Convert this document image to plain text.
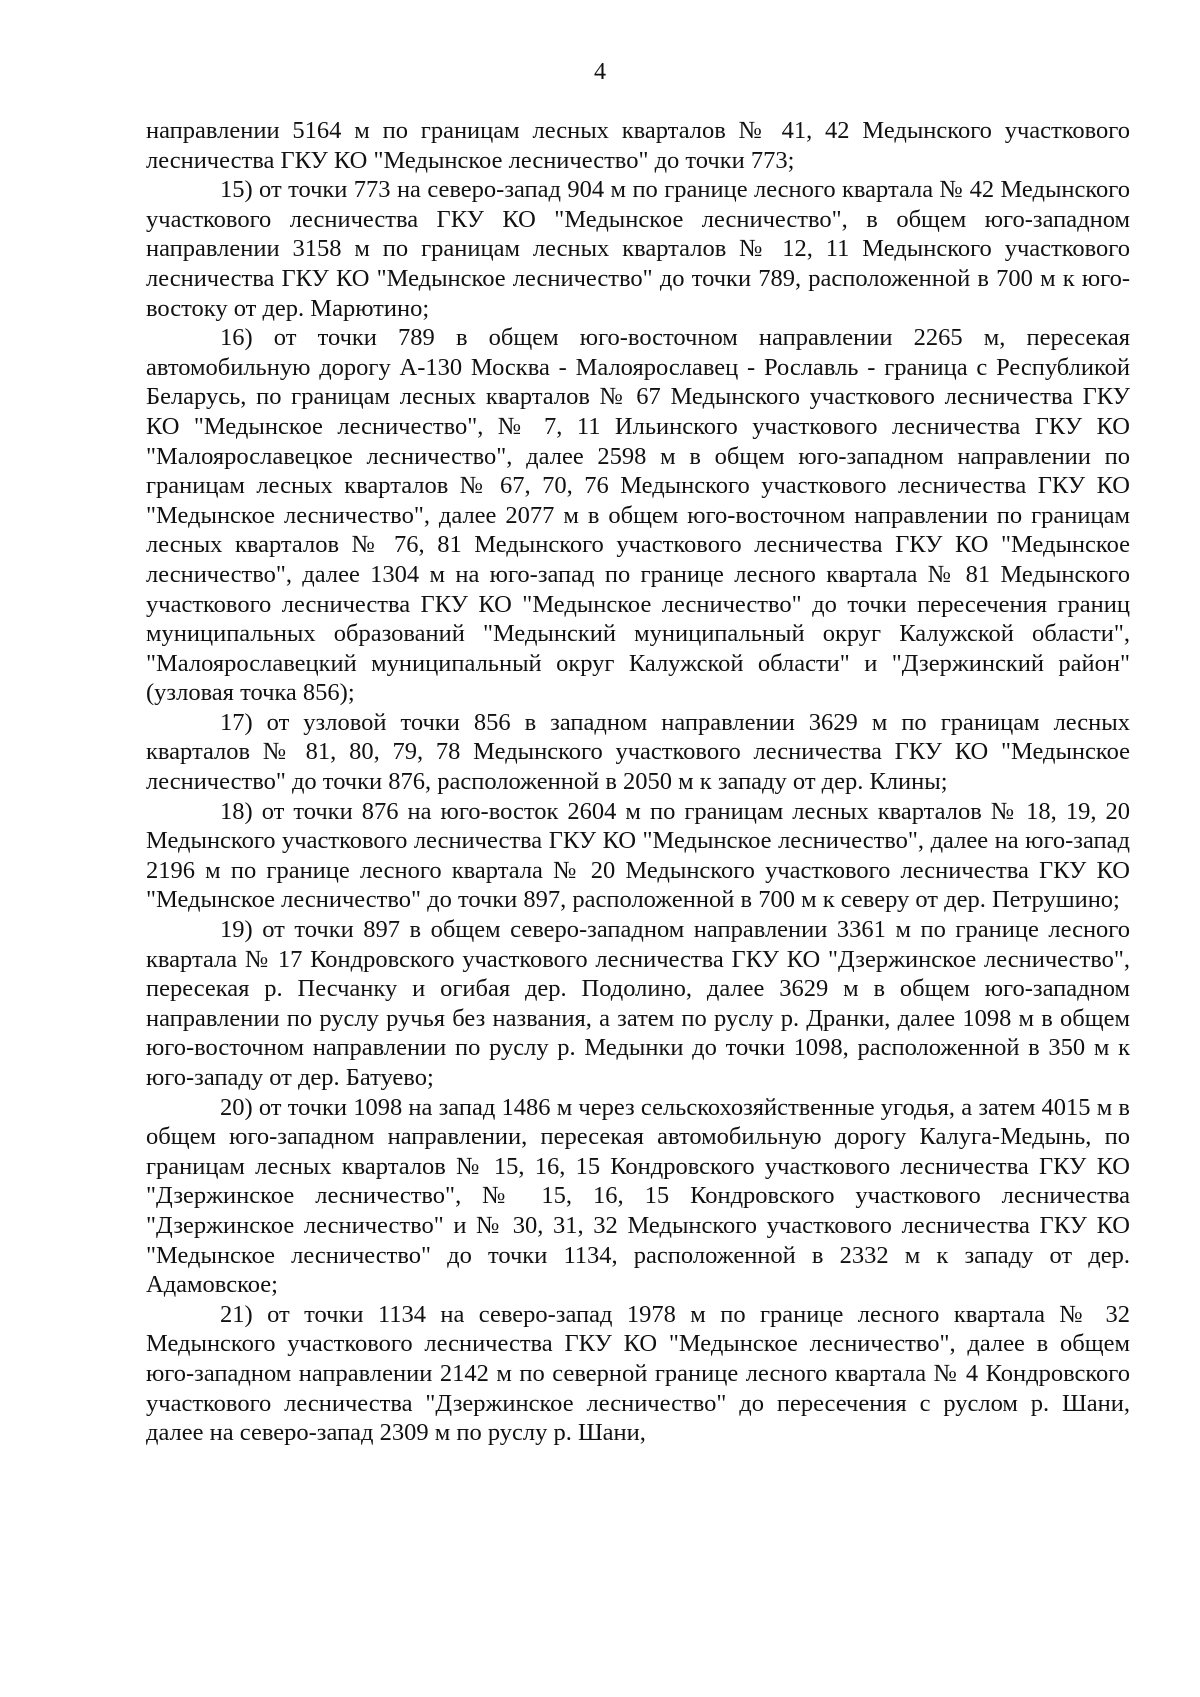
4

направлении 5164 м по границам лесных кварталов № 41, 42 Медынского участкового лесничества ГКУ КО "Медынское лесничество" до точки 773;

15) от точки 773 на северо-запад 904 м по границе лесного квартала № 42 Медынского участкового лесничества ГКУ КО "Медынское лесничество", в общем юго-западном направлении 3158 м по границам лесных кварталов № 12, 11 Медынского участкового лесничества ГКУ КО "Медынское лесничество" до точки 789, расположенной в 700 м к юго-востоку от дер. Марютино;

16) от точки 789 в общем юго-восточном направлении 2265 м, пересекая автомобильную дорогу А-130 Москва - Малоярославец - Рославль - граница с Республикой Беларусь, по границам лесных кварталов № 67 Медынского участкового лесничества ГКУ КО "Медынское лесничество", № 7, 11 Ильинского участкового лесничества ГКУ КО "Малоярославецкое лесничество", далее 2598 м в общем юго-западном направлении по границам лесных кварталов № 67, 70, 76 Медынского участкового лесничества ГКУ КО "Медынское лесничество", далее 2077 м в общем юго-восточном направлении по границам лесных кварталов № 76, 81 Медынского участкового лесничества ГКУ КО "Медынское лесничество", далее 1304 м на юго-запад по границе лесного квартала № 81 Медынского участкового лесничества ГКУ КО "Медынское лесничество" до точки пересечения границ муниципальных образований "Медынский муниципальный округ Калужской области", "Малоярославецкий муниципальный округ Калужской области" и "Дзержинский район" (узловая точка 856);

17) от узловой точки 856 в западном направлении 3629 м по границам лесных кварталов № 81, 80, 79, 78 Медынского участкового лесничества ГКУ КО "Медынское лесничество" до точки 876, расположенной в 2050 м к западу от дер. Клины;

18) от точки 876 на юго-восток 2604 м по границам лесных кварталов № 18, 19, 20 Медынского участкового лесничества ГКУ КО "Медынское лесничество", далее на юго-запад 2196 м по границе лесного квартала № 20 Медынского участкового лесничества ГКУ КО "Медынское лесничество" до точки 897, расположенной в 700 м к северу от дер. Петрушино;

19) от точки 897 в общем северо-западном направлении 3361 м по границе лесного квартала № 17 Кондровского участкового лесничества ГКУ КО "Дзержинское лесничество", пересекая р. Песчанку и огибая дер. Подолино, далее 3629 м в общем юго-западном направлении по руслу ручья без названия, а затем по руслу р. Дранки, далее 1098 м в общем юго-восточном направлении по руслу р. Медынки до точки 1098, расположенной в 350 м к юго-западу от дер. Батуево;

20) от точки 1098 на запад 1486 м через сельскохозяйственные угодья, а затем 4015 м в общем юго-западном направлении, пересекая автомобильную дорогу Калуга-Медынь, по границам лесных кварталов № 15, 16, 15 Кондровского участкового лесничества ГКУ КО "Дзержинское лесничество", № 15, 16, 15 Кондровского участкового лесничества "Дзержинское лесничество" и № 30, 31, 32 Медынского участкового лесничества ГКУ КО "Медынское лесничество" до точки 1134, расположенной в 2332 м к западу от дер. Адамовское;

21) от точки 1134 на северо-запад 1978 м по границе лесного квартала № 32 Медынского участкового лесничества ГКУ КО "Медынское лесничество", далее в общем юго-западном направлении 2142 м по северной границе лесного квартала № 4 Кондровского участкового лесничества "Дзержинское лесничество" до пересечения с руслом р. Шани, далее на северо-запад 2309 м по руслу р. Шани,
